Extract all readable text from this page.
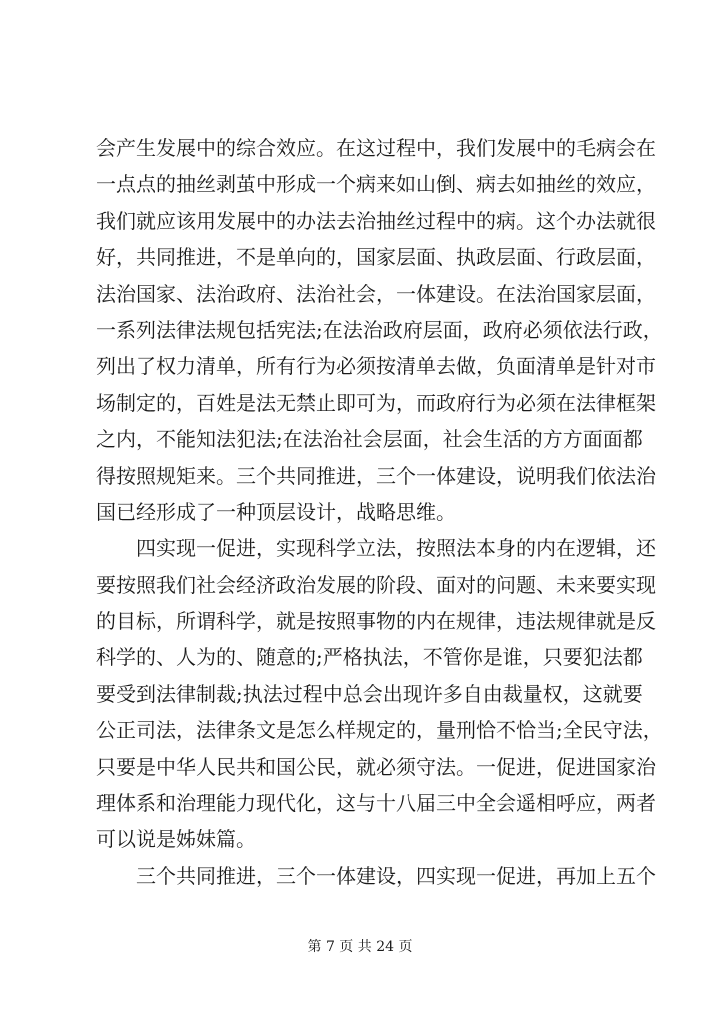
会产生发展中的综合效应。在这过程中，我们发展中的毛病会在
一点点的抽丝剥茧中形成一个病来如山倒、病去如抽丝的效应，
我们就应该用发展中的办法去治抽丝过程中的病。这个办法就很
好，共同推进，不是单向的，国家层面、执政层面、行政层面，
法治国家、法治政府、法治社会，一体建设。在法治国家层面，
一系列法律法规包括宪法;在法治政府层面，政府必须依法行政，
列出了权力清单，所有行为必须按清单去做，负面清单是针对市
场制定的，百姓是法无禁止即可为，而政府行为必须在法律框架
之内，不能知法犯法;在法治社会层面，社会生活的方方面面都
得按照规矩来。三个共同推进，三个一体建设，说明我们依法治
国已经形成了一种顶层设计，战略思维。
四实现一促进，实现科学立法，按照法本身的内在逻辑，还
要按照我们社会经济政治发展的阶段、面对的问题、未来要实现
的目标，所谓科学，就是按照事物的内在规律，违法规律就是反
科学的、人为的、随意的;严格执法，不管你是谁，只要犯法都
要受到法律制裁;执法过程中总会出现许多自由裁量权，这就要
公正司法，法律条文是怎么样规定的，量刑恰不恰当;全民守法，
只要是中华人民共和国公民，就必须守法。一促进，促进国家治
理体系和治理能力现代化，这与十八届三中全会遥相呼应，两者
可以说是姊妹篇。
三个共同推进，三个一体建设，四实现一促进，再加上五个
第 7 页 共 24 页
